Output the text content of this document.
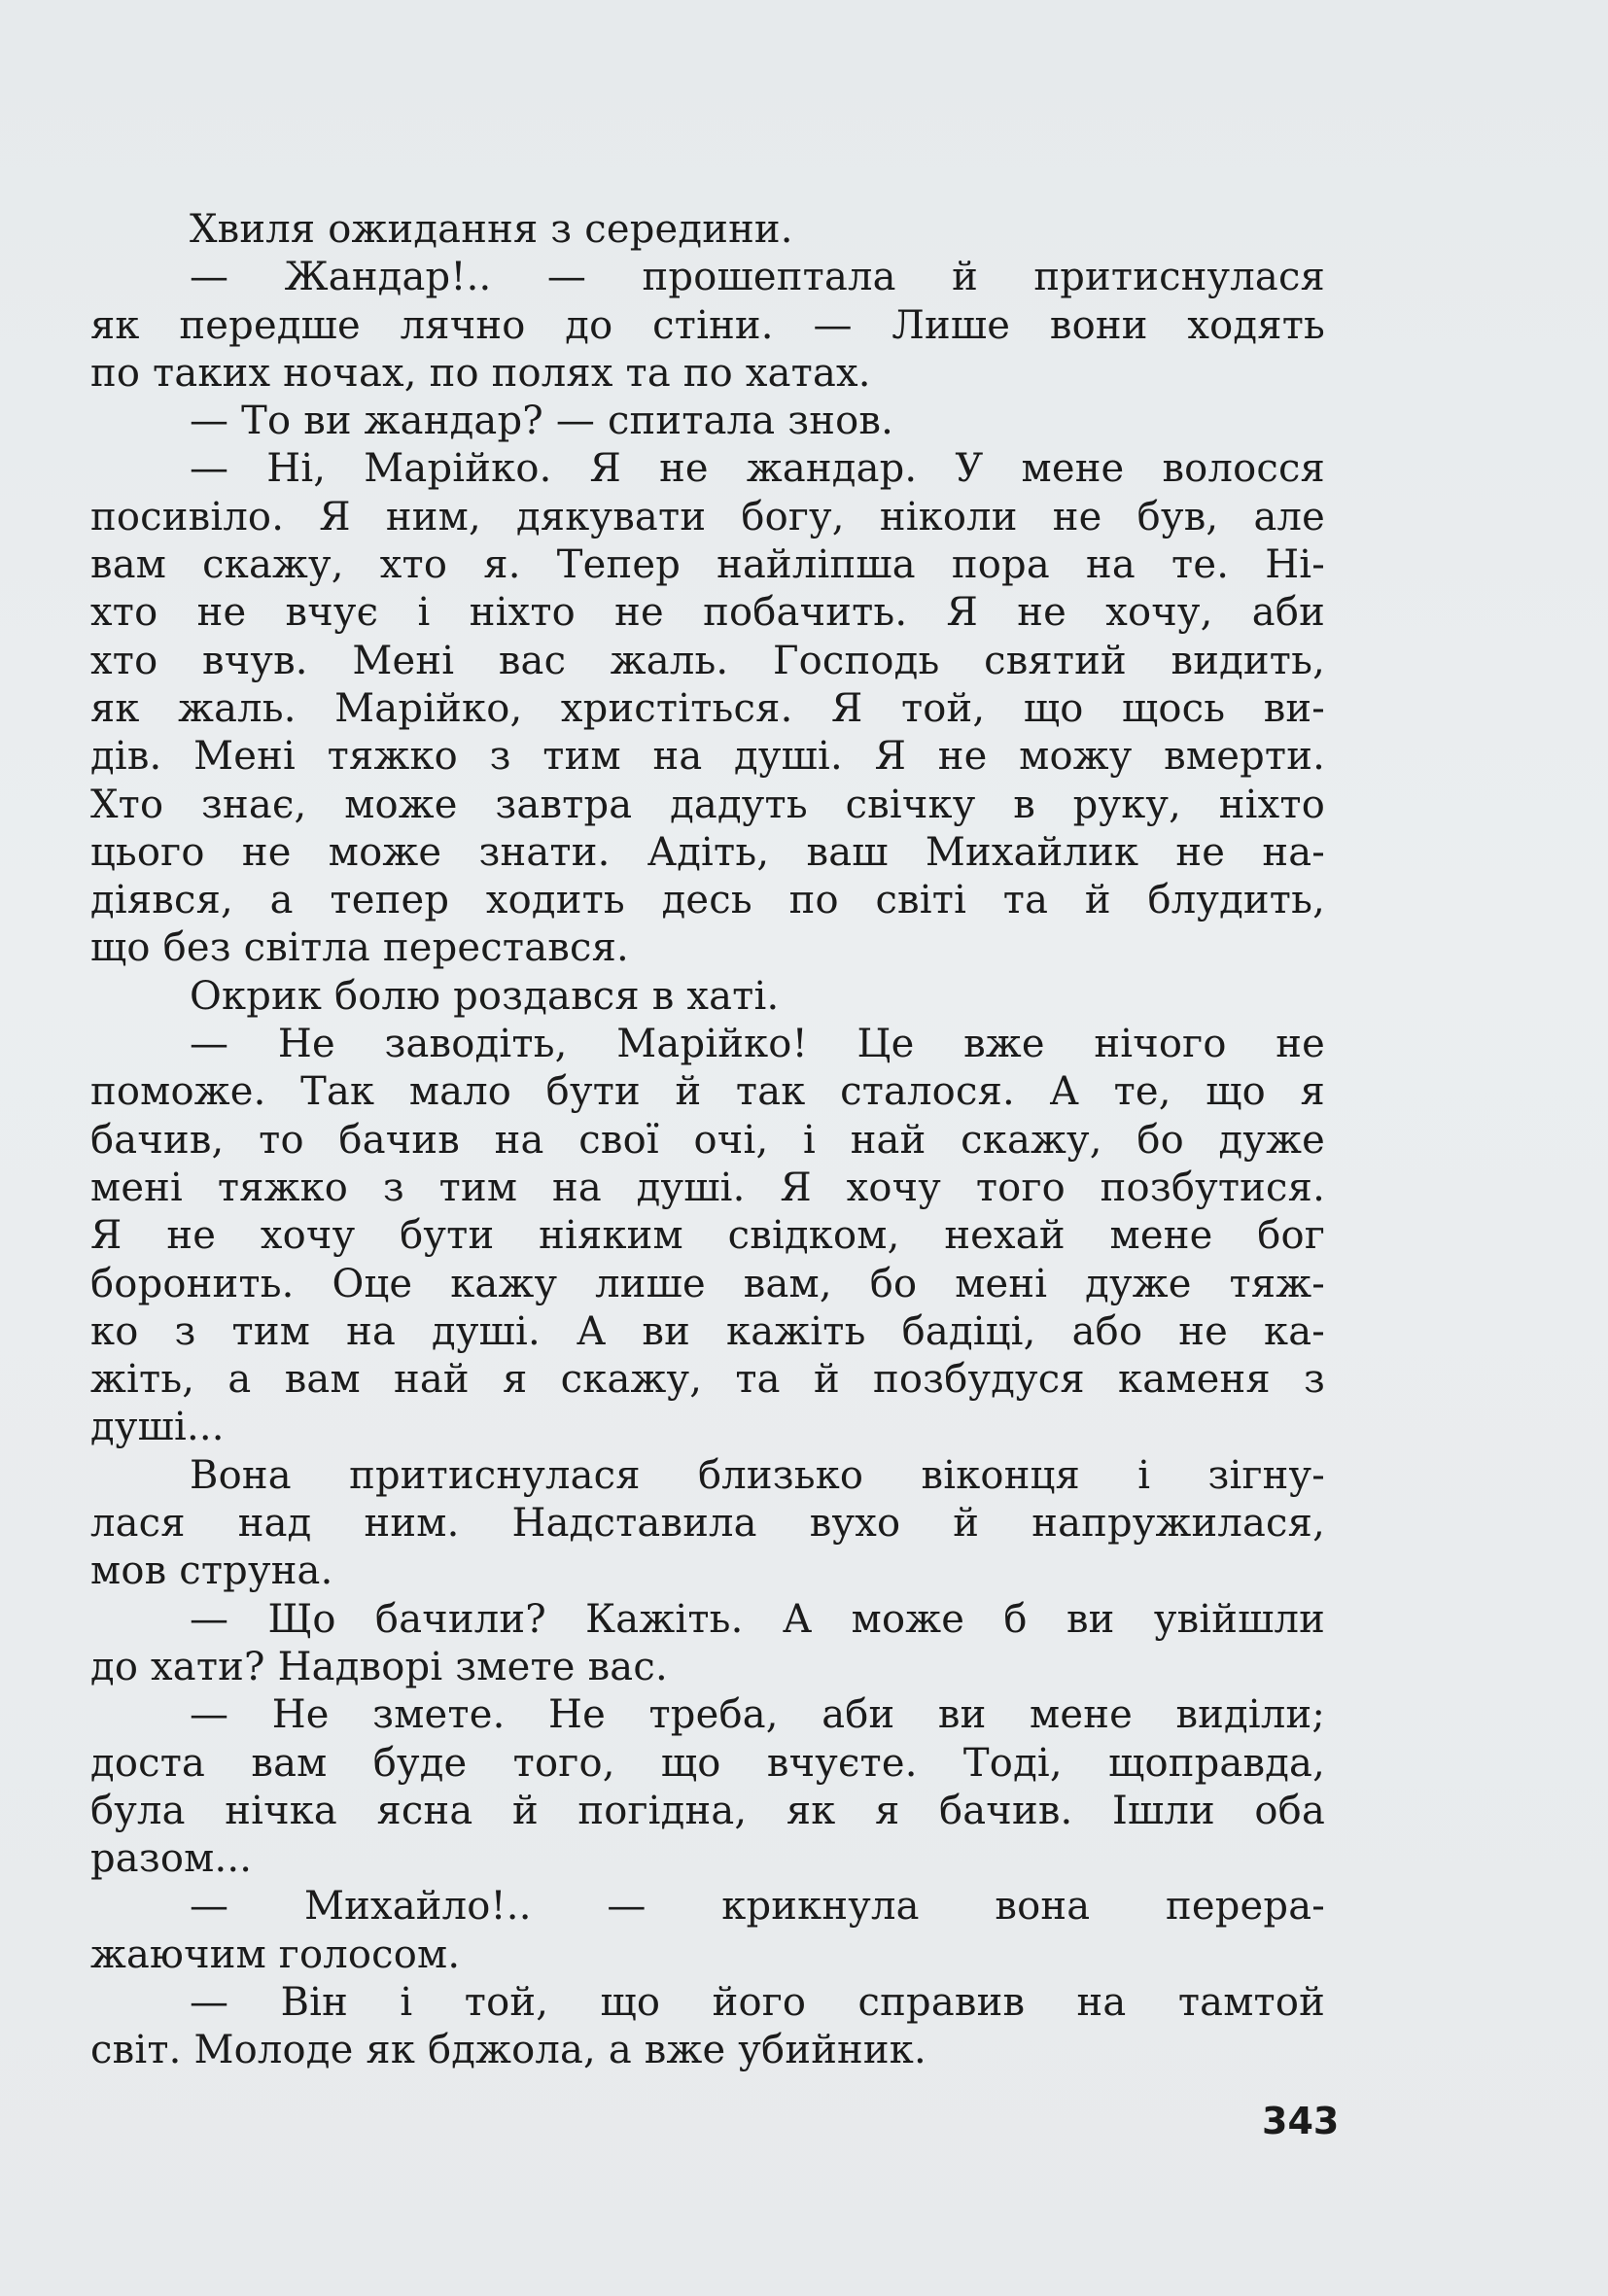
Хвиля ожидання з середини.
— Жандар!.. — прошептала й притиснулася
як передше лячно до стіни. — Лише вони ходять
по таких ночах, по полях та по хатах.
— То ви жандар? — спитала знов.
— Ні, Марійко. Я не жандар. У мене волосся
посивіло. Я ним, дякувати богу, ніколи не був, але
вам скажу, хто я. Тепер найліпша пора на те. Ні-
хто не вчує і ніхто не побачить. Я не хочу, аби
хто вчув. Мені вас жаль. Господь святий видить,
як жаль. Марійко, христіться. Я той, що щось ви-
дів. Мені тяжко з тим на душі. Я не можу вмерти.
Хто знає, може завтра дадуть свічку в руку, ніхто
цього не може знати. Адіть, ваш Михайлик не на-
діявся, а тепер ходить десь по світі та й блудить,
що без світла перестався.
Окрик болю роздався в хаті.
— Не заводіть, Марійко! Це вже нічого не
поможе. Так мало бути й так сталося. А те, що я
бачив, то бачив на свої очі, і най скажу, бо дуже
мені тяжко з тим на душі. Я хочу того позбутися.
Я не хочу бути ніяким свідком, нехай мене бог
боронить. Оце кажу лише вам, бо мені дуже тяж-
ко з тим на душі. А ви кажіть бадіці, або не ка-
жіть, а вам най я скажу, та й позбудуся каменя з
душі...
Вона притиснулася близько віконця і зігну-
лася над ним. Надставила вухо й напружилася,
мов струна.
— Що бачили? Кажіть. А може б ви увійшли
до хати? Надворі змете вас.
— Не змете. Не треба, аби ви мене виділи;
доста вам буде того, що вчуєте. Тоді, щоправда,
була нічка ясна й погідна, як я бачив. Ішли оба
разом...
— Михайло!.. — крикнула вона перера-
жаючим голосом.
— Він і той, що його справив на тамтой
світ. Молоде як бджола, а вже убийник.
343
